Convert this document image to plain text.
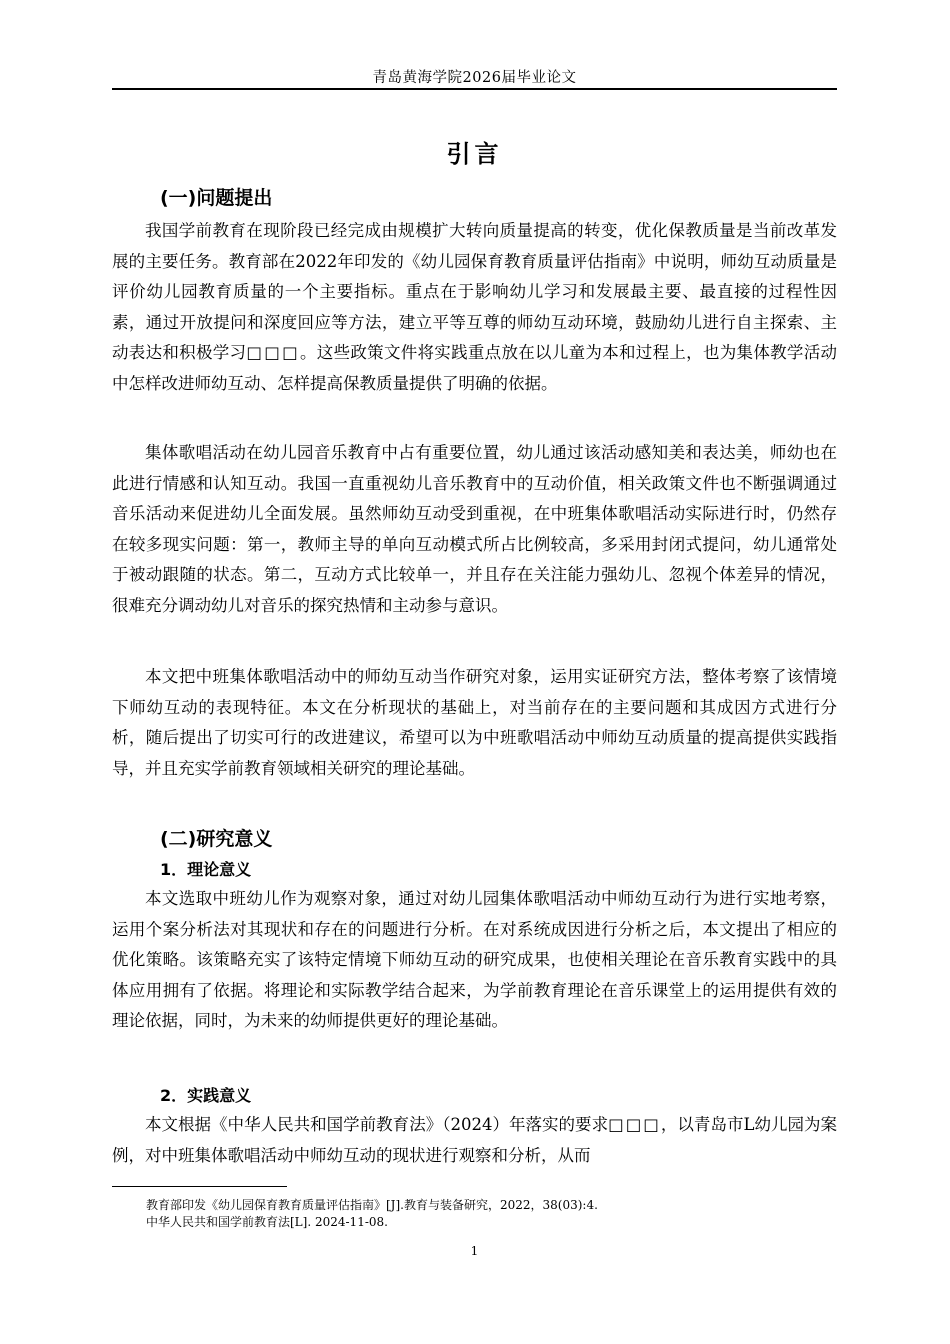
青岛黄海学院2026届毕业论文
引言
(一)问题提出

我国学前教育在现阶段已经完成由规模扩大转向质量提高的转变，优化保教质量是当前改革发展的主要任务。教育部在2022年印发的《幼儿园保育教育质量评估指南》中说明，师幼互动质量是评价幼儿园教育质量的一个主要指标。重点在于影响幼儿学习和发展最主要、最直接的过程性因素，通过开放提问和深度回应等方法，建立平等互尊的师幼互动环境，鼓励幼儿进行自主探索、主动表达和积极学习□□□。这些政策文件将实践重点放在以儿童为本和过程上，也为集体教学活动中怎样改进师幼互动、怎样提高保教质量提供了明确的依据。

集体歌唱活动在幼儿园音乐教育中占有重要位置，幼儿通过该活动感知美和表达美，师幼也在此进行情感和认知互动。我国一直重视幼儿音乐教育中的互动价值，相关政策文件也不断强调通过音乐活动来促进幼儿全面发展。虽然师幼互动受到重视，在中班集体歌唱活动实际进行时，仍然存在较多现实问题：第一，教师主导的单向互动模式所占比例较高，多采用封闭式提问，幼儿通常处于被动跟随的状态。第二，互动方式比较单一，并且存在关注能力强幼儿、忽视个体差异的情况，很难充分调动幼儿对音乐的探究热情和主动参与意识。

本文把中班集体歌唱活动中的师幼互动当作研究对象，运用实证研究方法，整体考察了该情境下师幼互动的表现特征。本文在分析现状的基础上，对当前存在的主要问题和其成因方式进行分析，随后提出了切实可行的改进建议，希望可以为中班歌唱活动中师幼互动质量的提高提供实践指导，并且充实学前教育领域相关研究的理论基础。

(二)研究意义
1．理论意义

本文选取中班幼儿作为观察对象，通过对幼儿园集体歌唱活动中师幼互动行为进行实地考察，运用个案分析法对其现状和存在的问题进行分析。在对系统成因进行分析之后，本文提出了相应的优化策略。该策略充实了该特定情境下师幼互动的研究成果，也使相关理论在音乐教育实践中的具体应用拥有了依据。将理论和实际教学结合起来，为学前教育理论在音乐课堂上的运用提供有效的理论依据，同时，为未来的幼师提供更好的理论基础。

2．实践意义

本文根据《中华人民共和国学前教育法》（2024）年落实的要求□□□，以青岛市L幼儿园为案例，对中班集体歌唱活动中师幼互动的现状进行观察和分析，从而

教育部印发《幼儿园保育教育质量评估指南》[J].教育与装备研究，2022，38(03):4.
中华人民共和国学前教育法[L]. 2024-11-08.
1
